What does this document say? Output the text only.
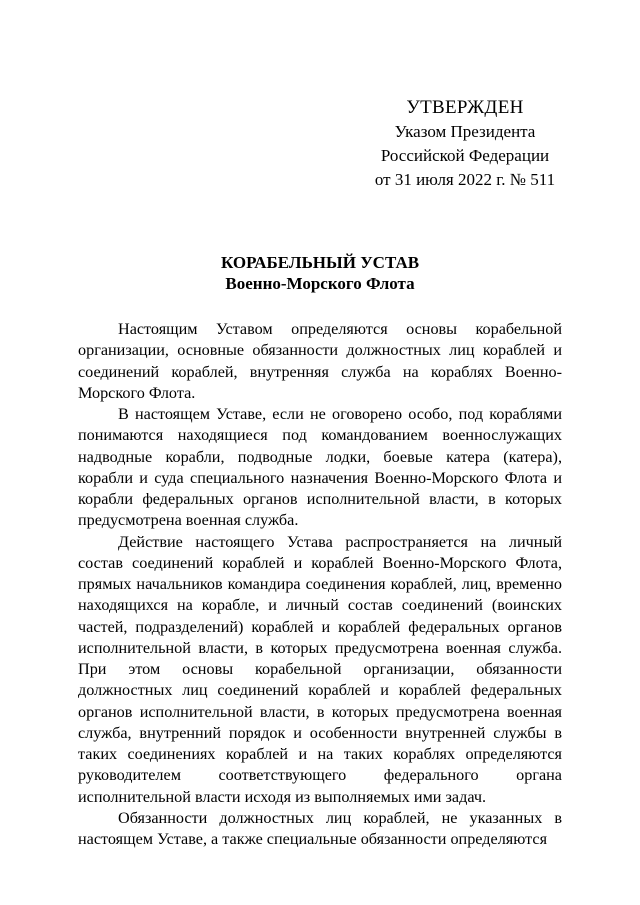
УТВЕРЖДЕН
Указом Президента
Российской Федерации
от 31 июля 2022 г. № 511
КОРАБЕЛЬНЫЙ УСТАВ
Военно-Морского Флота

Настоящим Уставом определяются основы корабельной организации, основные обязанности должностных лиц кораблей и соединений кораблей, внутренняя служба на кораблях Военно-Морского Флота.

В настоящем Уставе, если не оговорено особо, под кораблями понимаются находящиеся под командованием военнослужащих надводные корабли, подводные лодки, боевые катера (катера), корабли и суда специального назначения Военно-Морского Флота и корабли федеральных органов исполнительной власти, в которых предусмотрена военная служба.

Действие настоящего Устава распространяется на личный состав соединений кораблей и кораблей Военно-Морского Флота, прямых начальников командира соединения кораблей, лиц, временно находящихся на корабле, и личный состав соединений (воинских частей, подразделений) кораблей и кораблей федеральных органов исполнительной власти, в которых предусмотрена военная служба. При этом основы корабельной организации, обязанности должностных лиц соединений кораблей и кораблей федеральных органов исполнительной власти, в которых предусмотрена военная служба, внутренний порядок и особенности внутренней службы в таких соединениях кораблей и на таких кораблях определяются руководителем соответствующего федерального органа исполнительной власти исходя из выполняемых ими задач.

Обязанности должностных лиц кораблей, не указанных в настоящем Уставе, а также специальные обязанности определяются
